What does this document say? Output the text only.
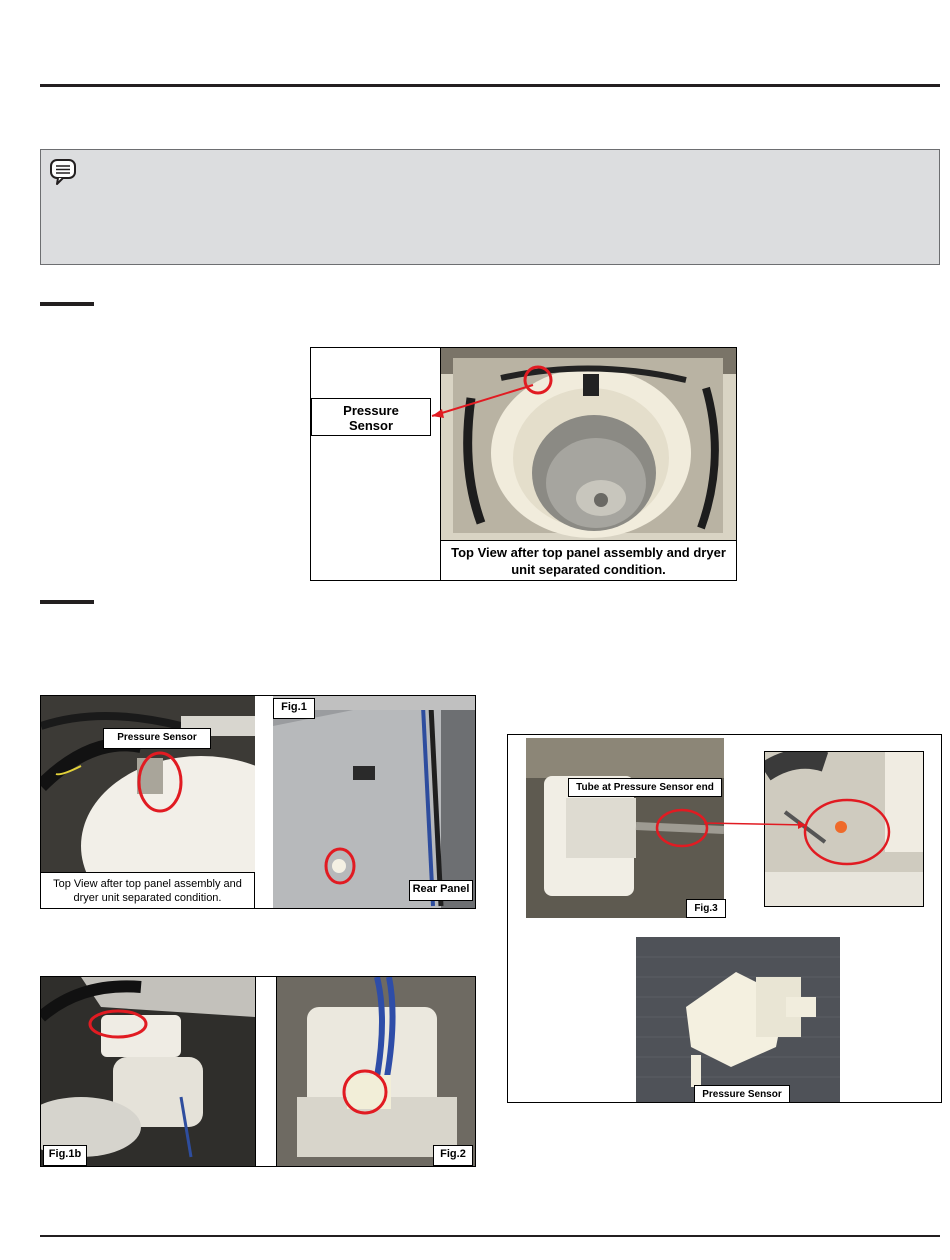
Pressure
Sensor
Top View after top panel assembly and dryer unit separated condition.
Pressure Sensor
Top View after top panel assembly and dryer unit separated condition.
Fig.1
Rear Panel
Fig.1b	Fig.2
Tube at Pressure Sensor end
Fig.3
Pressure Sensor
